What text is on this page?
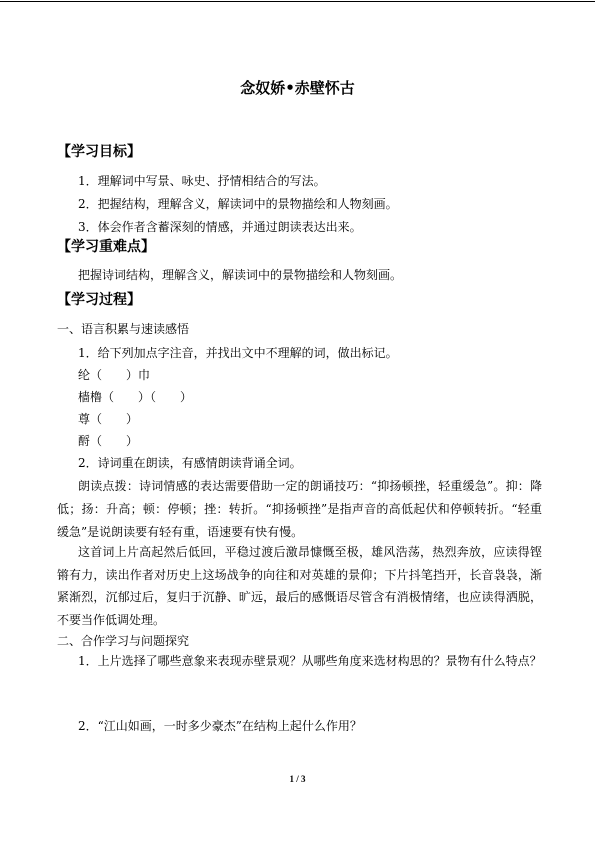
念奴娇•赤壁怀古
【学习目标】
1．理解词中写景、咏史、抒情相结合的写法。
2．把握结构，理解含义，解读词中的景物描绘和人物刻画。
3．体会作者含蓄深刻的情感，并通过朗读表达出来。
【学习重难点】
把握诗词结构，理解含义，解读词中的景物描绘和人物刻画。
【学习过程】
一、语言积累与速读感悟
1．给下列加点字注音，并找出文中不理解的词，做出标记。
纶（　　）巾
樯橹（　　）（　　）
尊（　　）
酹（　　）
2．诗词重在朗读，有感情朗读背诵全词。
朗读点拨：诗词情感的表达需要借助一定的朗诵技巧：“抑扬顿挫，轻重缓急”。抑：降低；扬：升高；顿：停顿；挫：转折。“抑扬顿挫”是指声音的高低起伏和停顿转折。“轻重缓急”是说朗读要有轻有重，语速要有快有慢。
这首词上片高起然后低回，平稳过渡后激昂慷慨至极，雄风浩荡，热烈奔放，应读得铿锵有力，读出作者对历史上这场战争的向往和对英雄的景仰；下片抖笔挡开，长音袅袅，渐紧渐烈，沉郁过后，复归于沉静、旷远，最后的感慨语尽管含有消极情绪，也应读得洒脱，不要当作低调处理。
二、合作学习与问题探究
1．上片选择了哪些意象来表现赤壁景观？从哪些角度来选材构思的？景物有什么特点？
2．“江山如画，一时多少豪杰”在结构上起什么作用？
1 / 3
